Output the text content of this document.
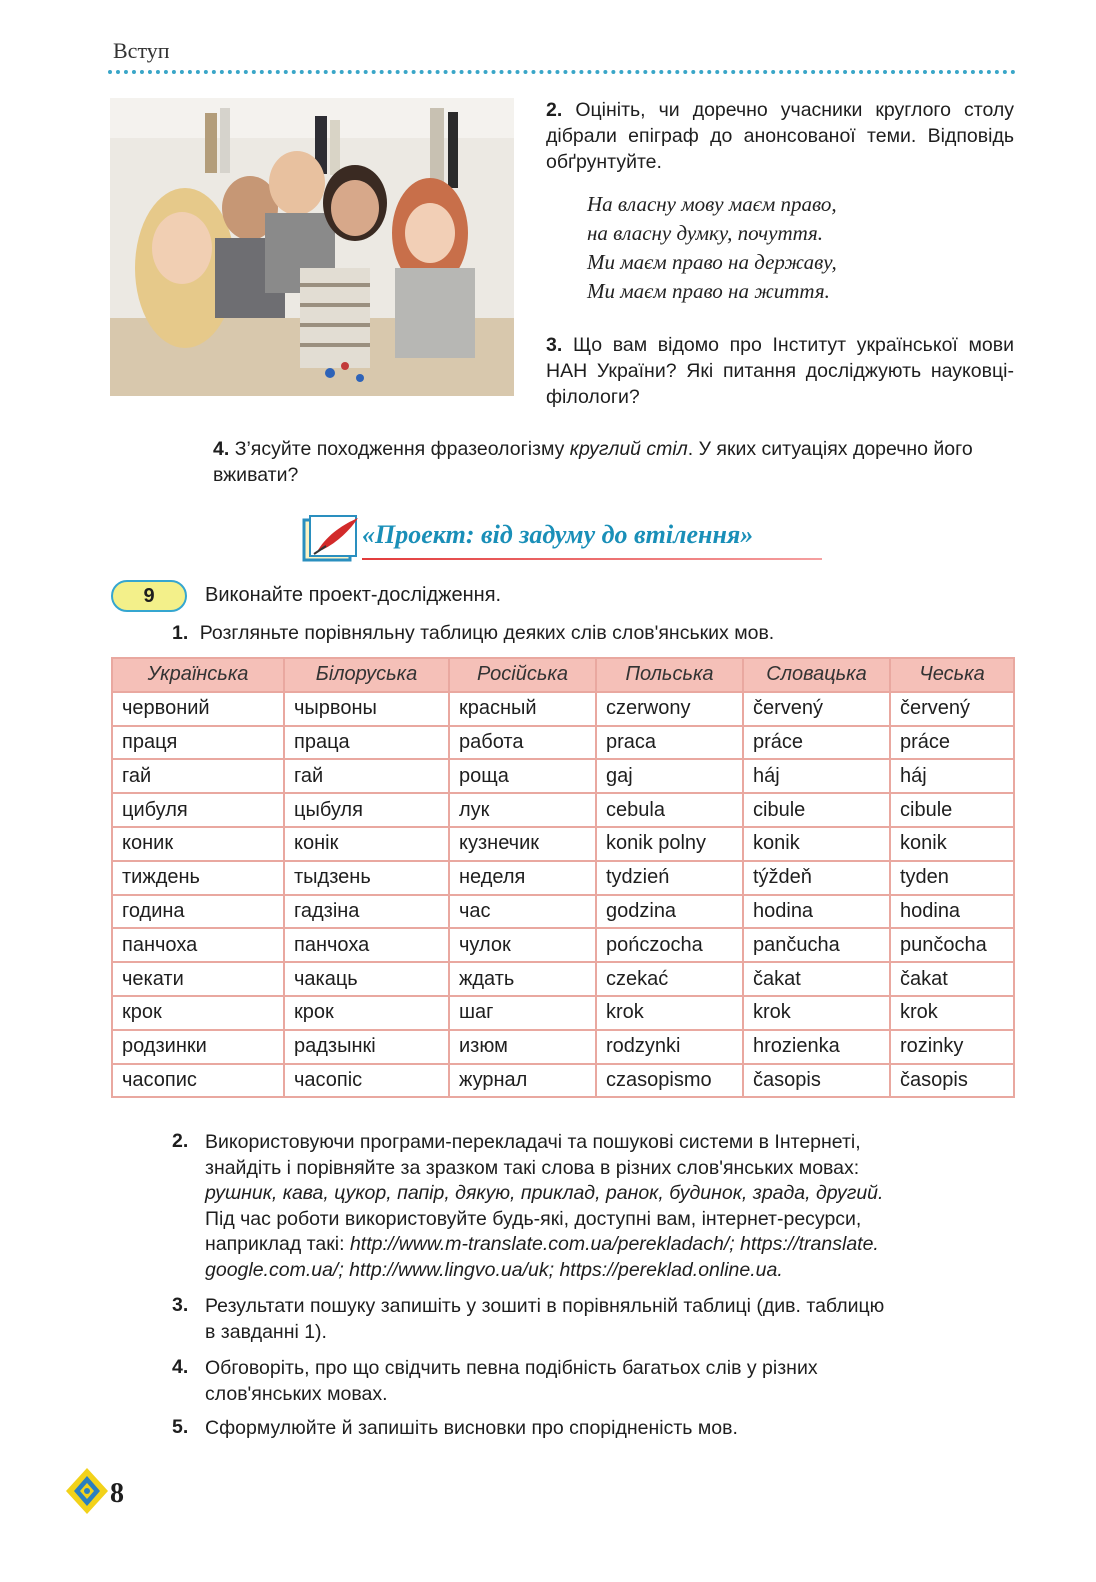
Вступ
2. Оцініть, чи доречно учасники круглого столу дібрали епіграф до анонсованої теми. Відповідь обґрунтуйте.
На власну мову маєм право,
на власну думку, почуття.
Ми маєм право на державу,
Ми маєм право на життя.
3. Що вам відомо про Інститут української мови НАН України? Які питання досліджують науковці-філологи?
4. З’ясуйте походження фразеологізму круглий стіл. У яких ситуаціях доречно його вживати?
«Проект: від задуму до втілення»
9	Виконайте проект-дослідження.
1. Розгляньте порівняльну таблицю деяких слів слов'янських мов.
Українська	Білоруська	Російська	Польська	Словацька	Чеська
червоний	чырвоны	красный	czerwony	červený	červený
праця	праца	работа	praca	práce	práce
гай	гай	роща	gaj	háj	háj
цибуля	цыбуля	лук	cebula	cibule	cibule
коник	конік	кузнечик	konik polny	konik	konik
тиждень	тыдзень	неделя	tydzień	týždeň	tyden
година	гадзіна	час	godzina	hodina	hodina
панчоха	панчоха	чулок	pończocha	pančucha	punčocha
чекати	чакаць	ждать	czekać	čakat	čakat
крок	крок	шаг	krok	krok	krok
родзинки	радзынкі	изюм	rodzynki	hrozienka	rozinky
часопис	часопіс	журнал	czasopismo	časopis	časopis
2. Використовуючи програми-перекладачі та пошукові системи в Інтернеті,
знайдіть і порівняйте за зразком такі слова в різних слов'янських мовах:
рушник, кава, цукор, папір, дякую, приклад, ранок, будинок, зрада, другий.
Під час роботи використовуйте будь-які, доступні вам, інтернет-ресурси,
наприклад такі: http://www.m-translate.com.ua/perekladach/; https://translate.
google.com.ua/; http://www.lingvo.ua/uk; https://pereklad.online.ua.
3. Результати пошуку запишіть у зошиті в порівняльній таблиці (див. таблицю
в завданні 1).
4. Обговоріть, про що свідчить певна подібність багатьох слів у різних
слов'янських мовах.
5. Сформулюйте й запишіть висновки про спорідненість мов.
8
